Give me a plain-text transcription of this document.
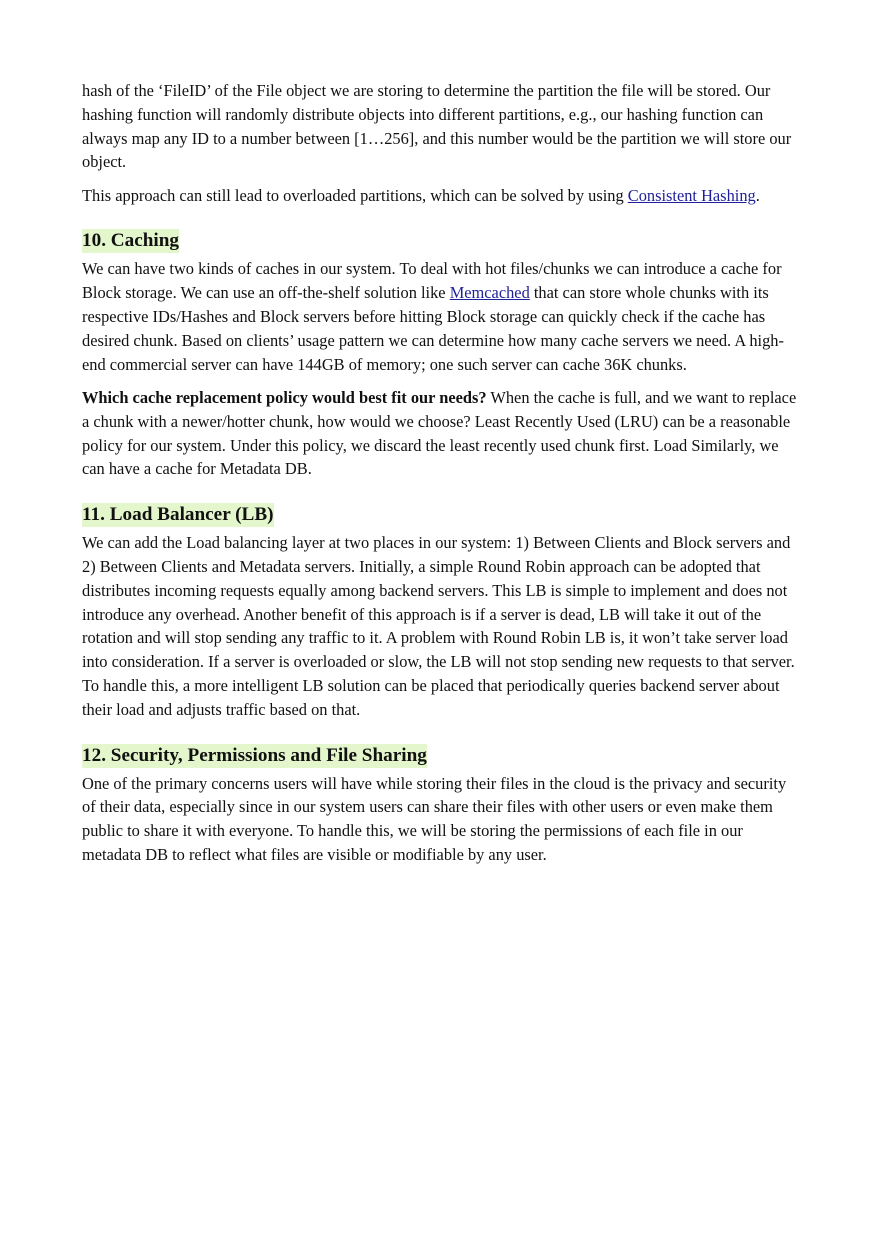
hash of the ‘FileID’ of the File object we are storing to determine the partition the file will be stored. Our hashing function will randomly distribute objects into different partitions, e.g., our hashing function can always map any ID to a number between [1…256], and this number would be the partition we will store our object.

This approach can still lead to overloaded partitions, which can be solved by using Consistent Hashing.

10. Caching

We can have two kinds of caches in our system. To deal with hot files/chunks we can introduce a cache for Block storage. We can use an off-the-shelf solution like Memcached that can store whole chunks with its respective IDs/Hashes and Block servers before hitting Block storage can quickly check if the cache has desired chunk. Based on clients’ usage pattern we can determine how many cache servers we need. A high-end commercial server can have 144GB of memory; one such server can cache 36K chunks.

Which cache replacement policy would best fit our needs? When the cache is full, and we want to replace a chunk with a newer/hotter chunk, how would we choose? Least Recently Used (LRU) can be a reasonable policy for our system. Under this policy, we discard the least recently used chunk first. Load Similarly, we can have a cache for Metadata DB.

11. Load Balancer (LB)

We can add the Load balancing layer at two places in our system: 1) Between Clients and Block servers and 2) Between Clients and Metadata servers. Initially, a simple Round Robin approach can be adopted that distributes incoming requests equally among backend servers. This LB is simple to implement and does not introduce any overhead. Another benefit of this approach is if a server is dead, LB will take it out of the rotation and will stop sending any traffic to it. A problem with Round Robin LB is, it won’t take server load into consideration. If a server is overloaded or slow, the LB will not stop sending new requests to that server. To handle this, a more intelligent LB solution can be placed that periodically queries backend server about their load and adjusts traffic based on that.

12. Security, Permissions and File Sharing

One of the primary concerns users will have while storing their files in the cloud is the privacy and security of their data, especially since in our system users can share their files with other users or even make them public to share it with everyone. To handle this, we will be storing the permissions of each file in our metadata DB to reflect what files are visible or modifiable by any user.
